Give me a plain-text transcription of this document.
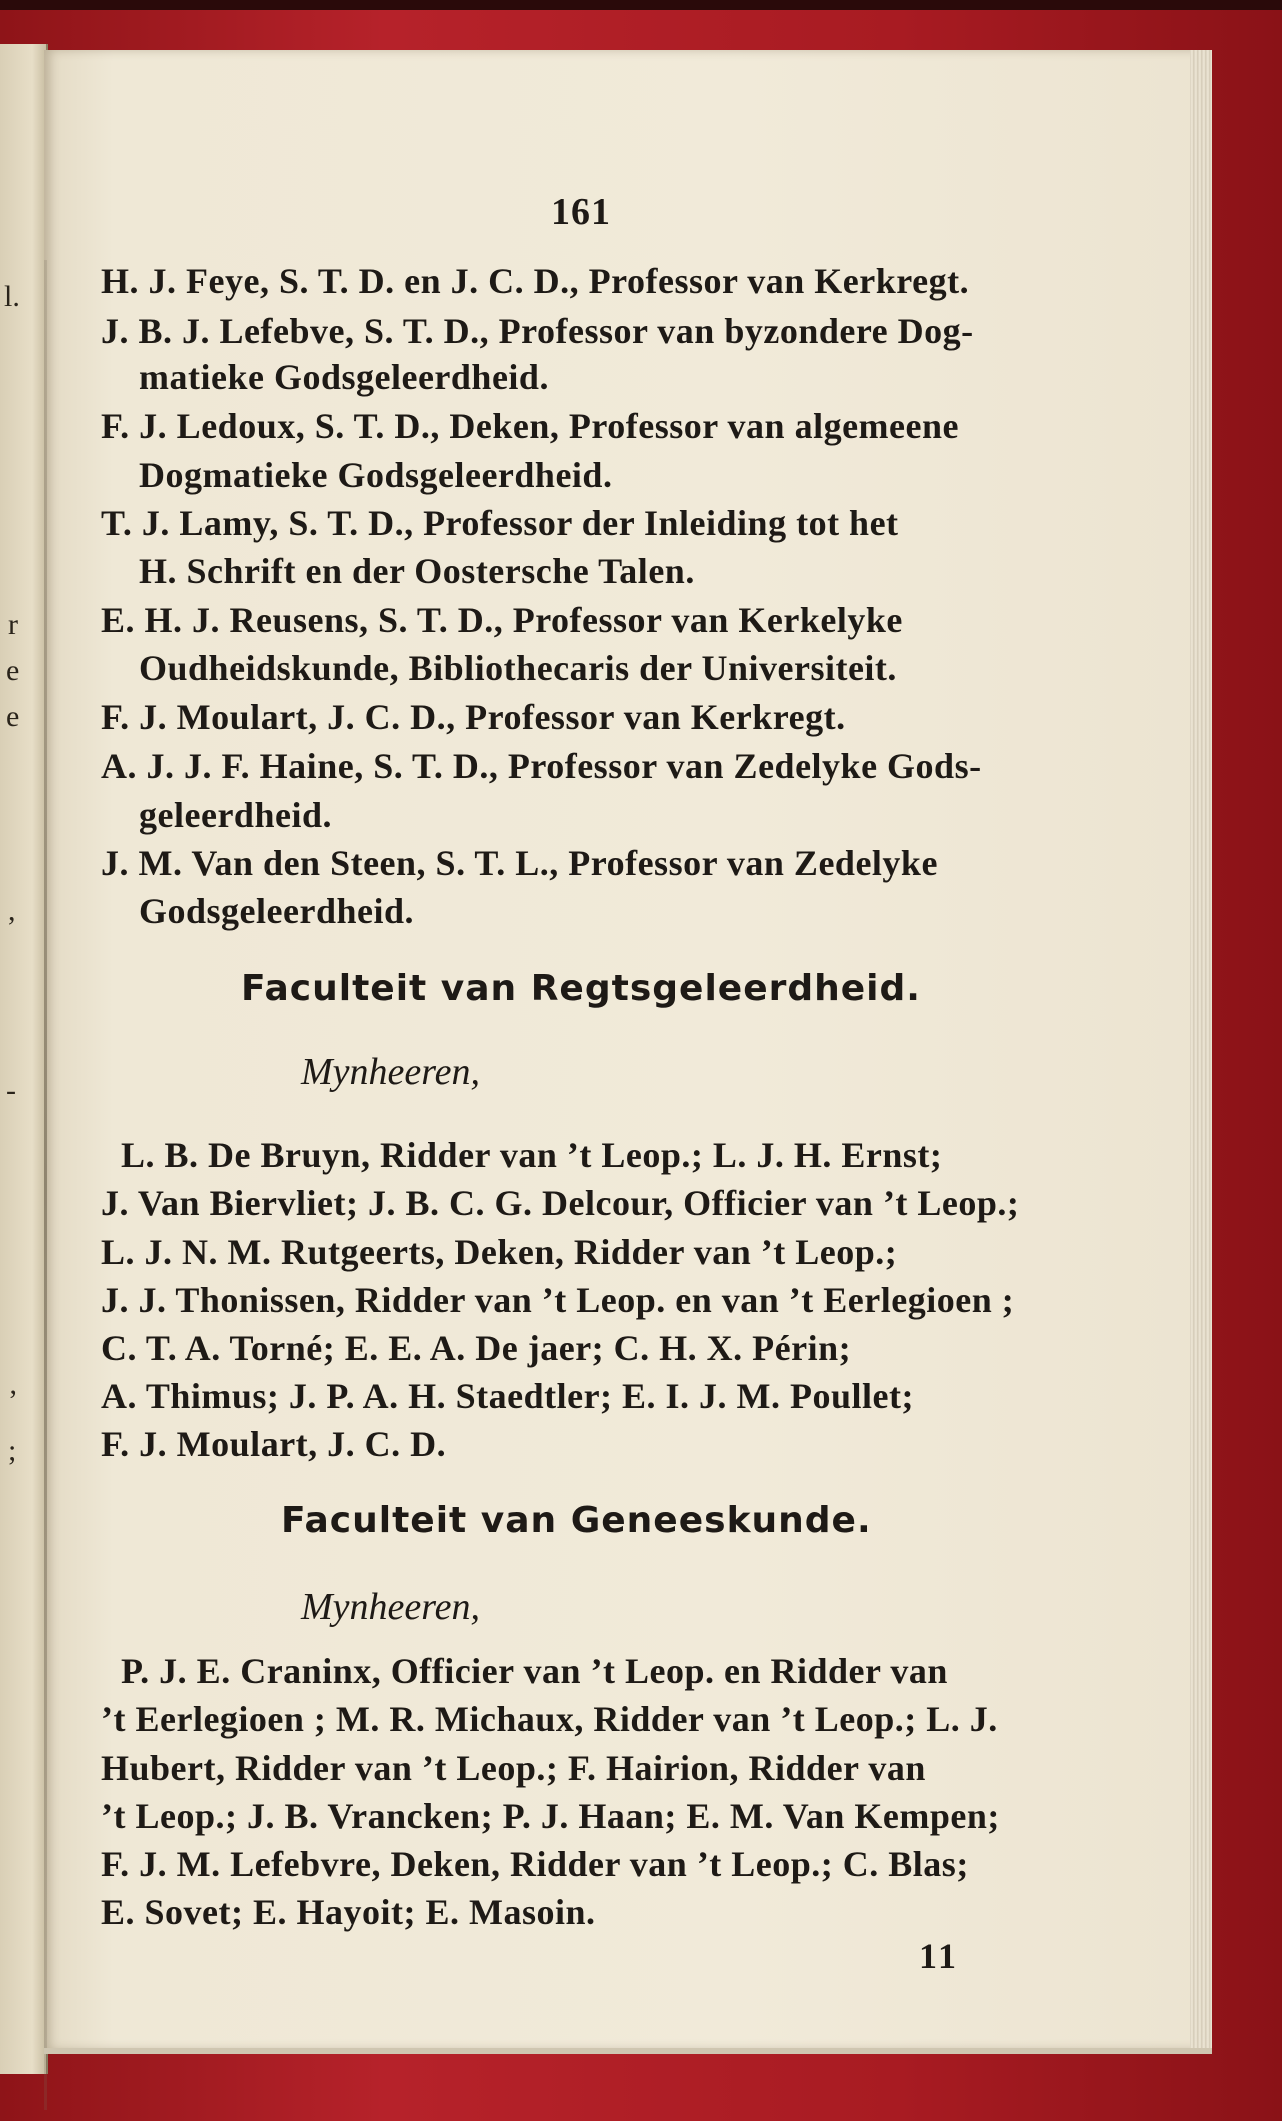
l.
r
e
e
,
-
’
;
161
H. J. Feye, S. T. D. en J. C. D., Professor van Kerkregt.
J. B. J. Lefebve, S. T. D., Professor van byzondere Dog-
matieke Godsgeleerdheid.
F. J. Ledoux, S. T. D., Deken, Professor van algemeene
Dogmatieke Godsgeleerdheid.
T. J. Lamy, S. T. D., Professor der Inleiding tot het
H. Schrift en der Oostersche Talen.
E. H. J. Reusens, S. T. D., Professor van Kerkelyke
Oudheidskunde, Bibliothecaris der Universiteit.
F. J. Moulart, J. C. D., Professor van Kerkregt.
A. J. J. F. Haine, S. T. D., Professor van Zedelyke Gods-
geleerdheid.
J. M. Van den Steen, S. T. L., Professor van Zedelyke
Godsgeleerdheid.
Faculteit van Regtsgeleerdheid.
Mynheeren,
L. B. De Bruyn, Ridder van ’t Leop.; L. J. H. Ernst;
J. Van Biervliet; J. B. C. G. Delcour, Officier van ’t Leop.;
L. J. N. M. Rutgeerts, Deken, Ridder van ’t Leop.;
J. J. Thonissen, Ridder van ’t Leop. en van ’t Eerlegioen ;
C. T. A. Torné; E. E. A. De jaer; C. H. X. Périn;
A. Thimus; J. P. A. H. Staedtler; E. I. J. M. Poullet;
F. J. Moulart, J. C. D.
Faculteit van Geneeskunde.
Mynheeren,
P. J. E. Craninx, Officier van ’t Leop. en Ridder van
’t Eerlegioen ; M. R. Michaux, Ridder van ’t Leop.; L. J.
Hubert, Ridder van ’t Leop.; F. Hairion, Ridder van
’t Leop.; J. B. Vrancken; P. J. Haan; E. M. Van Kempen;
F. J. M. Lefebvre, Deken, Ridder van ’t Leop.; C. Blas;
E. Sovet; E. Hayoit; E. Masoin.
11
